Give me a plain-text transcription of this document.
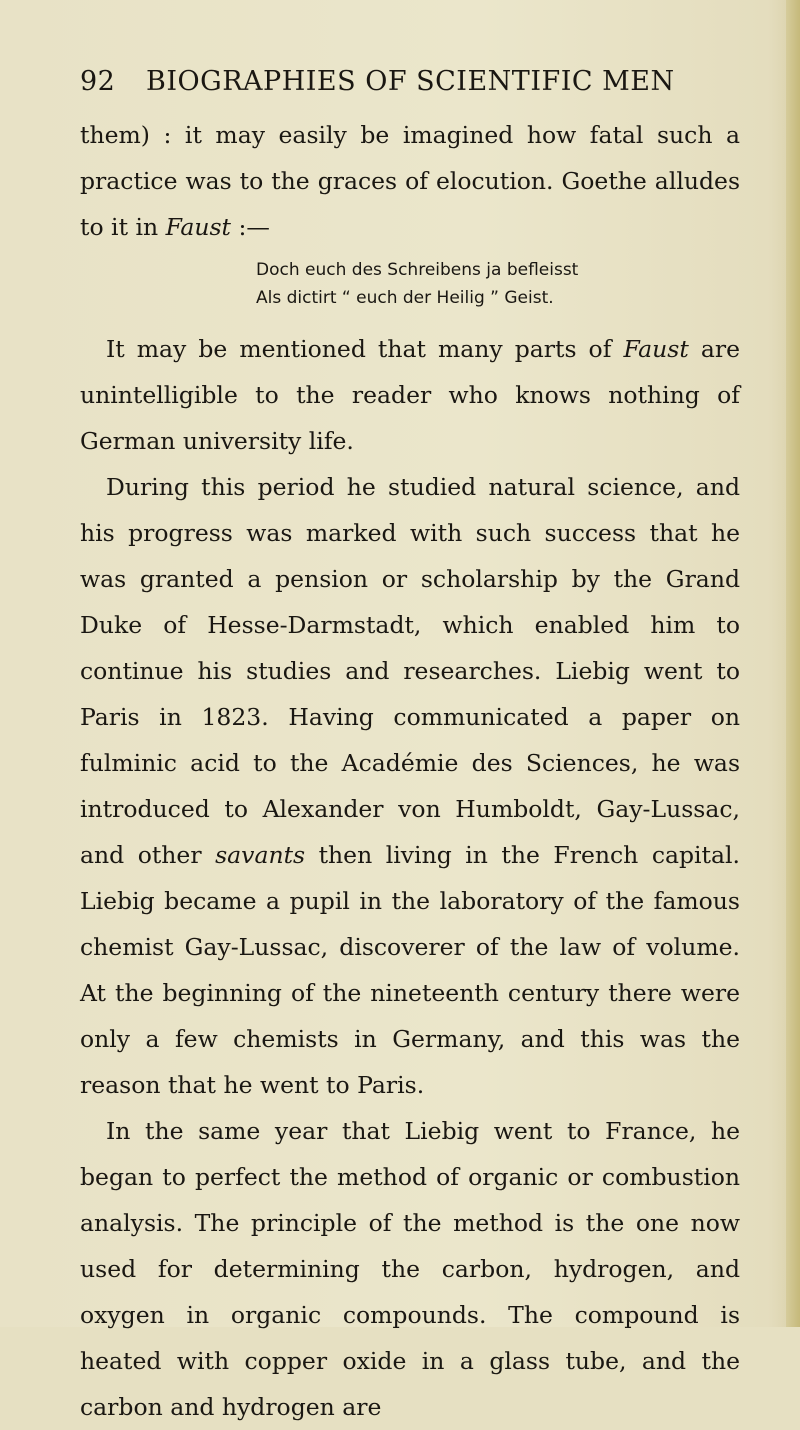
92 BIOGRAPHIES OF SCIENTIFIC MEN

them) : it may easily be imagined how fatal such a practice was to the graces of elocution. Goethe alludes to it in Faust :—

Doch euch des Schreibens ja befleisst
Als dictirt “ euch der Heilig ” Geist.

It may be mentioned that many parts of Faust are unintelligible to the reader who knows nothing of German university life.

During this period he studied natural science, and his progress was marked with such success that he was granted a pension or scholarship by the Grand Duke of Hesse-Darmstadt, which enabled him to continue his studies and researches. Liebig went to Paris in 1823. Having communicated a paper on fulminic acid to the Académie des Sciences, he was introduced to Alexander von Humboldt, Gay-Lussac, and other savants then living in the French capital. Liebig became a pupil in the laboratory of the famous chemist Gay-Lussac, discoverer of the law of volume. At the beginning of the nineteenth century there were only a few chemists in Germany, and this was the reason that he went to Paris.

In the same year that Liebig went to France, he began to perfect the method of organic or combustion analysis. The principle of the method is the one now used for determining the carbon, hydrogen, and oxygen in organic compounds. The compound is heated with copper oxide in a glass tube, and the carbon and hydrogen are
